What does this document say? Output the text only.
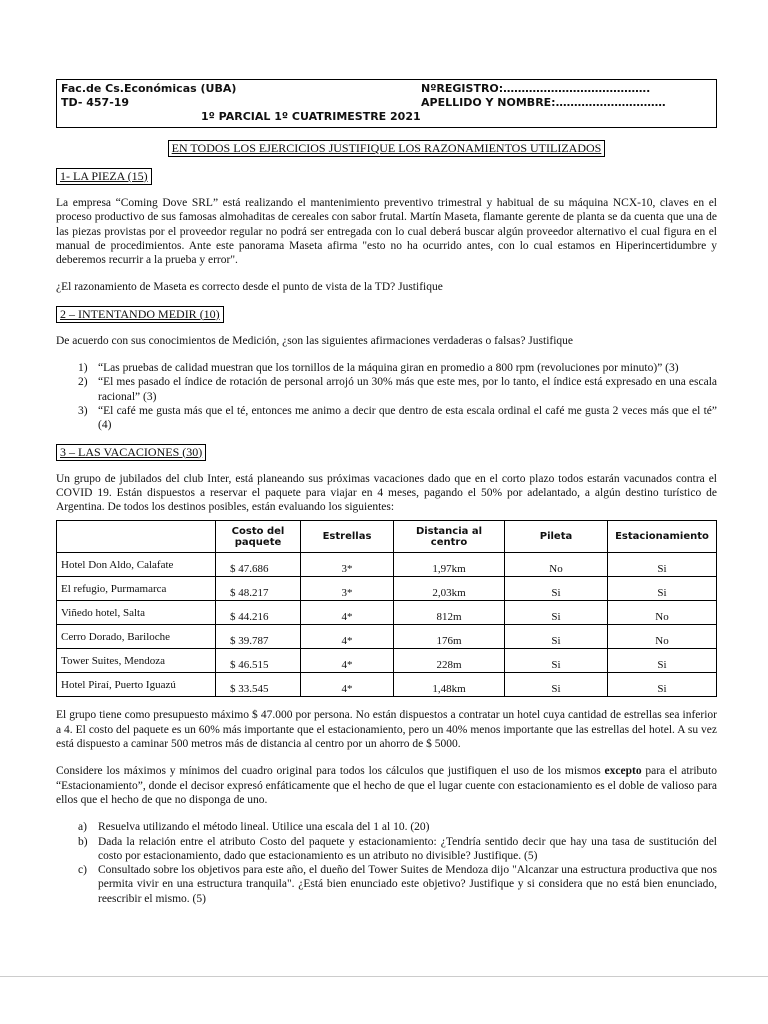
Fac.de Cs.Económicas (UBA)	NºREGISTRO:………………………………….
TD- 457-19	APELLIDO Y NOMBRE:…………………………
1º PARCIAL 1º CUATRIMESTRE 2021
EN TODOS LOS EJERCICIOS JUSTIFIQUE LOS RAZONAMIENTOS UTILIZADOS
1- LA PIEZA (15)

La empresa “Coming Dove SRL” está realizando el mantenimiento preventivo trimestral y habitual de su máquina NCX-10, claves en el proceso productivo de sus famosas almohaditas de cereales con sabor frutal. Martín Maseta, flamante gerente de planta se da cuenta que una de las piezas provistas por el proveedor regular no podrá ser entregada con lo cual deberá buscar algún proveedor alternativo el cual figura en el manual de procedimientos. Ante este panorama Maseta afirma "esto no ha ocurrido antes, con lo cual estamos en Hiperincertidumbre y deberemos recurrir a la prueba y error".

¿El razonamiento de Maseta es correcto desde el punto de vista de la TD? Justifique

2 – INTENTANDO MEDIR (10)

De acuerdo con sus conocimientos de Medición, ¿son las siguientes afirmaciones verdaderas o falsas? Justifique

1) “Las pruebas de calidad muestran que los tornillos de la máquina giran en promedio a 800 rpm (revoluciones por minuto)” (3)
2) “El mes pasado el índice de rotación de personal arrojó un 30% más que este mes, por lo tanto, el índice está expresado en una escala racional” (3)
3) “El café me gusta más que el té, entonces me animo a decir que dentro de esta escala ordinal el café me gusta 2 veces más que el té” (4)
3 – LAS VACACIONES (30)

Un grupo de jubilados del club Inter, está planeando sus próximas vacaciones dado que en el corto plazo todos estarán vacunados contra el COVID 19. Están dispuestos a reservar el paquete para viajar en 4 meses, pagando el 50% por adelantado, a algún destino turístico de Argentina. De todos los destinos posibles, están evaluando los siguientes:

	Costo del paquete	Estrellas	Distancia al centro	Pileta	Estacionamiento
Hotel Don Aldo, Calafate	$ 47.686	3*	1,97km	No	Si
El refugio, Purmamarca	$ 48.217	3*	2,03km	Si	Si
Viñedo hotel, Salta	$ 44.216	4*	812m	Si	No
Cerro Dorado, Bariloche	$ 39.787	4*	176m	Si	No
Tower Suites, Mendoza	$ 46.515	4*	228m	Si	Si
Hotel Piraí, Puerto Iguazú	$ 33.545	4*	1,48km	Si	Si

El grupo tiene como presupuesto máximo $ 47.000 por persona. No están dispuestos a contratar un hotel cuya cantidad de estrellas sea inferior a 4. El costo del paquete es un 60% más importante que el estacionamiento, pero un 40% menos importante que las estrellas del hotel. A su vez está dispuesto a caminar 500 metros más de distancia al centro por un ahorro de $ 5000.

Considere los máximos y mínimos del cuadro original para todos los cálculos que justifiquen el uso de los mismos excepto para el atributo “Estacionamiento”, donde el decisor expresó enfáticamente que el hecho de que el lugar cuente con estacionamiento es el doble de valioso para ellos que el hecho de que no disponga de uno.

a) Resuelva utilizando el método lineal. Utilice una escala del 1 al 10. (20)
b) Dada la relación entre el atributo Costo del paquete y estacionamiento: ¿Tendría sentido decir que hay una tasa de sustitución del costo por estacionamiento, dado que estacionamiento es un atributo no divisible? Justifique. (5)
c) Consultado sobre los objetivos para este año, el dueño del Tower Suites de Mendoza dijo "Alcanzar una estructura productiva que nos permita vivir en una estructura tranquila". ¿Está bien enunciado este objetivo? Justifique y si considera que no está bien enunciado, reescribir el mismo. (5)
